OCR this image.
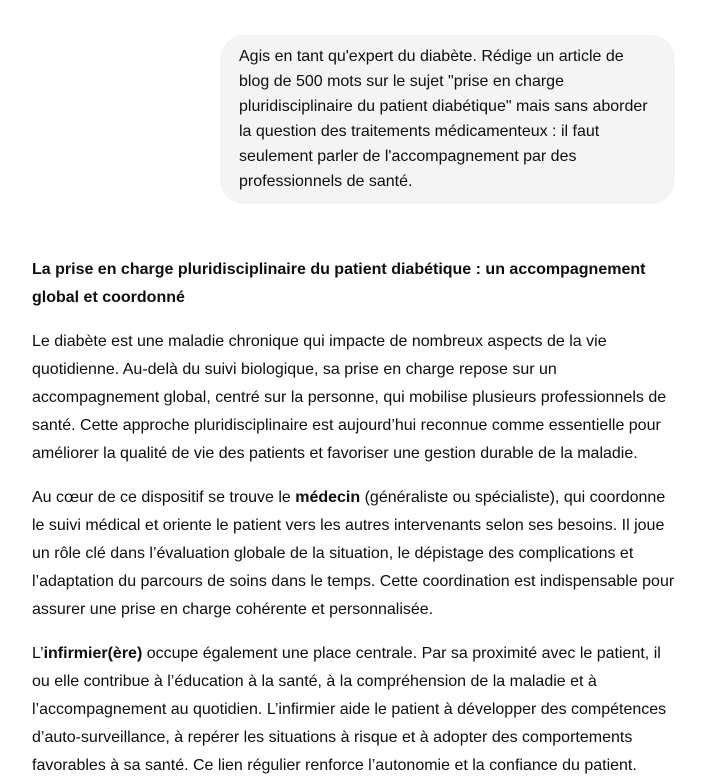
Agis en tant qu'expert du diabète. Rédige un article de blog de 500 mots sur le sujet "prise en charge pluridisciplinaire du patient diabétique" mais sans aborder la question des traitements médicamenteux : il faut seulement parler de l'accompagnement par des professionnels de santé.

La prise en charge pluridisciplinaire du patient diabétique : un accompagnement global et coordonné

Le diabète est une maladie chronique qui impacte de nombreux aspects de la vie quotidienne. Au-delà du suivi biologique, sa prise en charge repose sur un accompagnement global, centré sur la personne, qui mobilise plusieurs professionnels de santé. Cette approche pluridisciplinaire est aujourd’hui reconnue comme essentielle pour améliorer la qualité de vie des patients et favoriser une gestion durable de la maladie.

Au cœur de ce dispositif se trouve le médecin (généraliste ou spécialiste), qui coordonne le suivi médical et oriente le patient vers les autres intervenants selon ses besoins. Il joue un rôle clé dans l’évaluation globale de la situation, le dépistage des complications et l’adaptation du parcours de soins dans le temps. Cette coordination est indispensable pour assurer une prise en charge cohérente et personnalisée.

L’infirmier(ère) occupe également une place centrale. Par sa proximité avec le patient, il ou elle contribue à l’éducation à la santé, à la compréhension de la maladie et à l’accompagnement au quotidien. L’infirmier aide le patient à développer des compétences d’auto-surveillance, à repérer les situations à risque et à adopter des comportements favorables à sa santé. Ce lien régulier renforce l’autonomie et la confiance du patient.
